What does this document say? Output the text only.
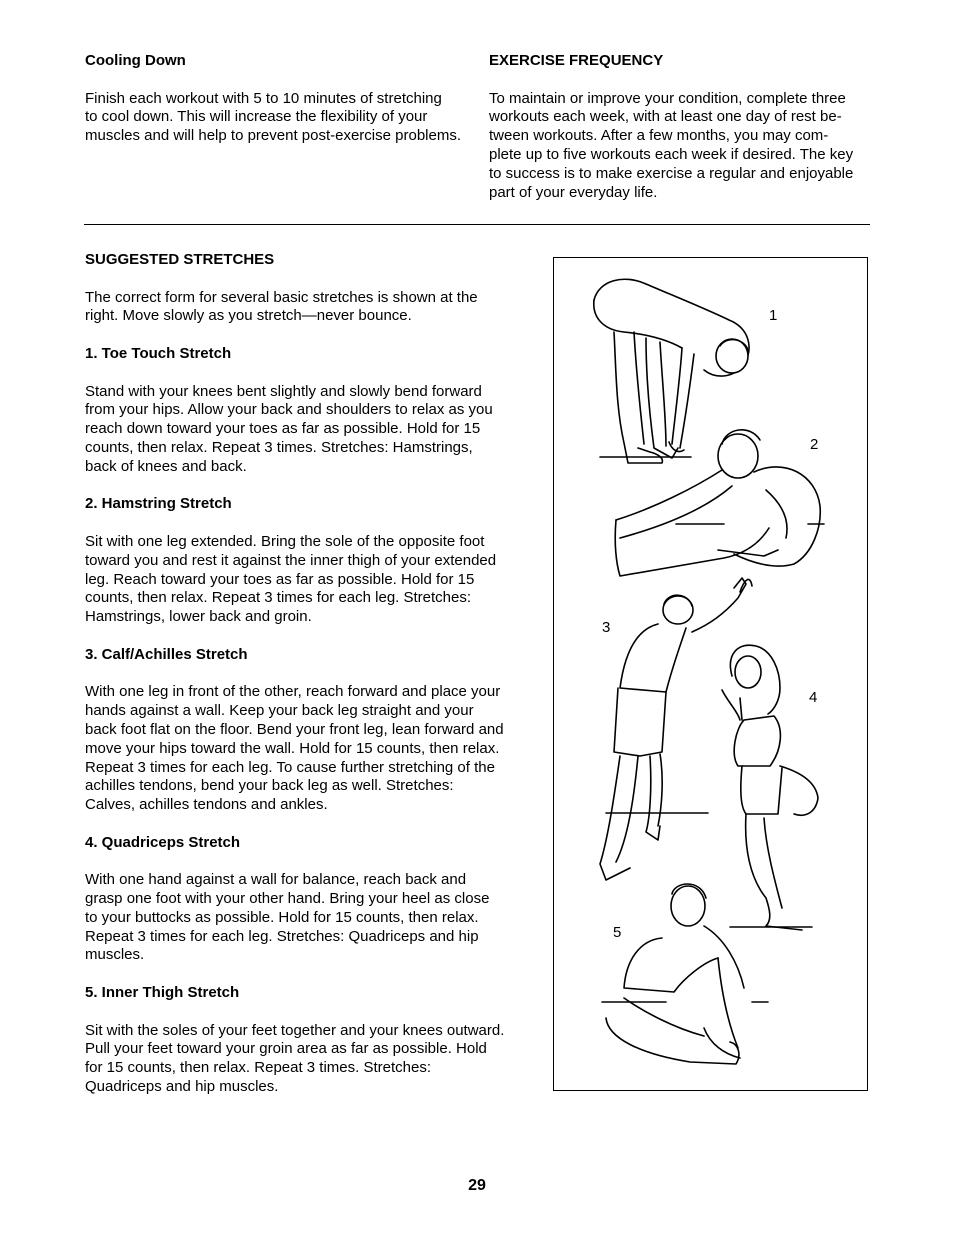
Cooling Down

Finish each workout with 5 to 10 minutes of stretching
to cool down. This will increase the flexibility of your
muscles and will help to prevent post-exercise problems.

EXERCISE FREQUENCY

To maintain or improve your condition, complete three
workouts each week, with at least one day of rest be-
tween workouts. After a few months, you may com-
plete up to five workouts each week if desired. The key
to success is to make exercise a regular and enjoyable
part of your everyday life.

SUGGESTED STRETCHES

The correct form for several basic stretches is shown at the
right. Move slowly as you stretch—never bounce.

1. Toe Touch Stretch

Stand with your knees bent slightly and slowly bend forward
from your hips. Allow your back and shoulders to relax as you
reach down toward your toes as far as possible. Hold for 15
counts, then relax. Repeat 3 times. Stretches: Hamstrings,
back of knees and back.

2. Hamstring Stretch

Sit with one leg extended. Bring the sole of the opposite foot
toward you and rest it against the inner thigh of your extended
leg. Reach toward your toes as far as possible. Hold for 15
counts, then relax. Repeat 3 times for each leg. Stretches:
Hamstrings, lower back and groin.

3. Calf/Achilles Stretch

With one leg in front of the other, reach forward and place your
hands against a wall. Keep your back leg straight and your
back foot flat on the floor. Bend your front leg, lean forward and
move your hips toward the wall. Hold for 15 counts, then relax.
Repeat 3 times for each leg. To cause further stretching of the
achilles tendons, bend your back leg as well. Stretches:
Calves, achilles tendons and ankles.

4. Quadriceps Stretch

With one hand against a wall for balance, reach back and
grasp one foot with your other hand. Bring your heel as close
to your buttocks as possible. Hold for 15 counts, then relax.
Repeat 3 times for each leg. Stretches: Quadriceps and hip
muscles.

5. Inner Thigh Stretch

Sit with the soles of your feet together and your knees outward.
Pull your feet toward your groin area as far as possible. Hold
for 15 counts, then relax. Repeat 3 times. Stretches:
Quadriceps and hip muscles.

1
2
3
4
5
29
